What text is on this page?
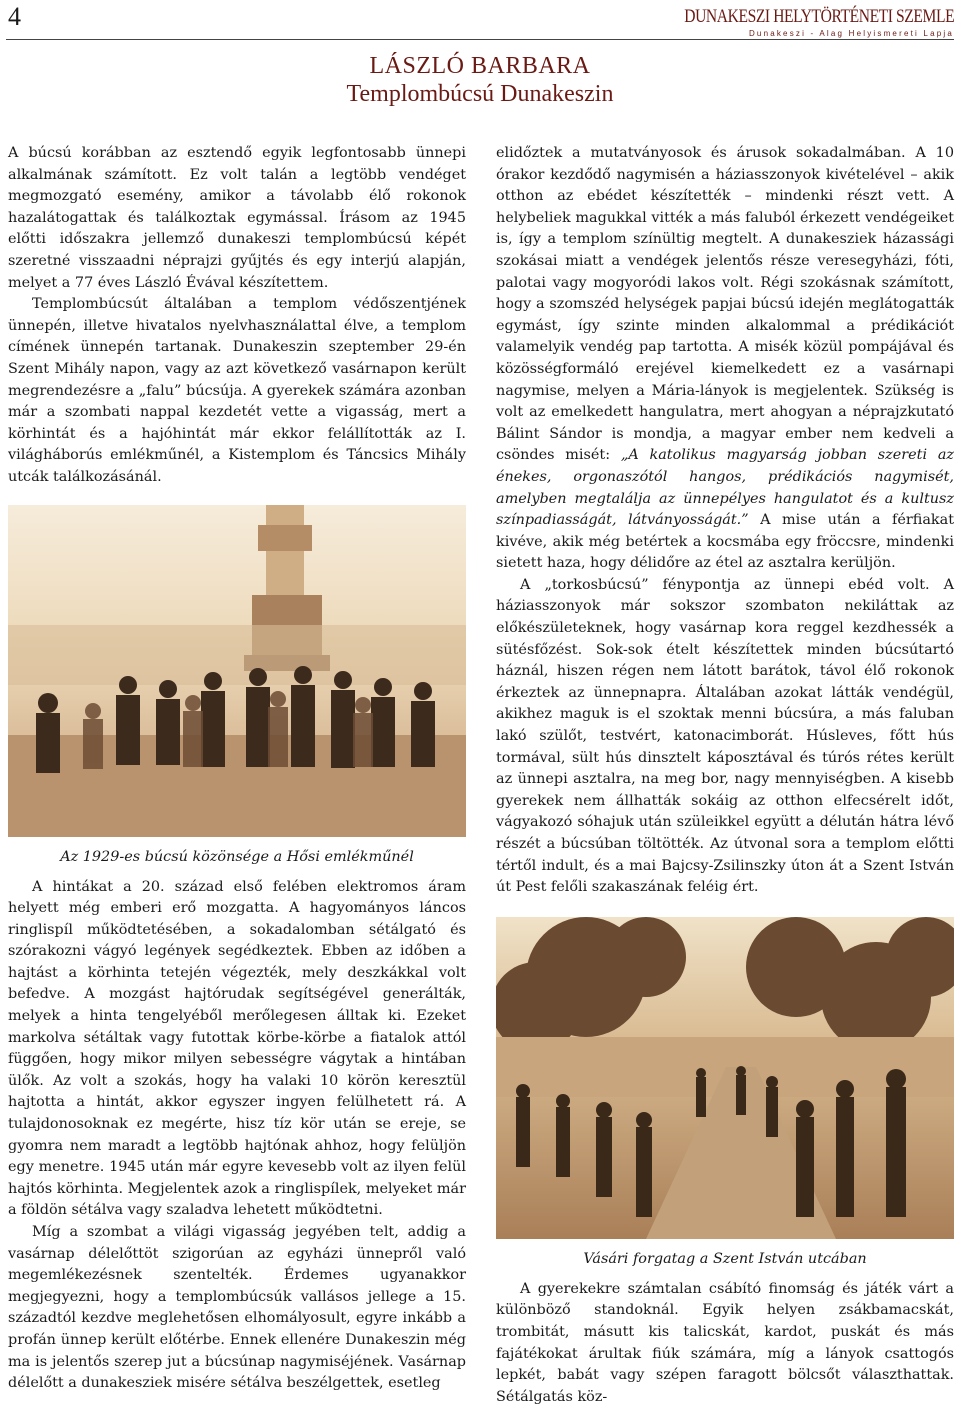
4	DUNAKESZI HELYTÖRTÉNETI SZEMLE
Dunakeszi - Alag Helyismereti Lapja
LÁSZLÓ BARBARA
Templombúcsú Dunakeszin

A búcsú korábban az esztendő egyik legfontosabb ünnepi alkalmának számított. Ez volt talán a legtöbb vendéget megmozgató esemény, amikor a távolabb élő rokonok hazalátogattak és találkoztak egymással. Írásom az 1945 előtti időszakra jellemző dunakeszi templombúcsú képét szeretné visszaadni néprajzi gyűjtés és egy interjú alapján, melyet a 77 éves László Évával készítettem.

Templombúcsút általában a templom védőszentjének ünnepén, illetve hivatalos nyelvhasználattal élve, a templom címének ünnepén tartanak. Dunakeszin szeptember 29-én Szent Mihály napon, vagy az azt következő vasárnapon került megrendezésre a „falu” búcsúja. A gyerekek számára azonban már a szombati nappal kezdetét vette a vigasság, mert a körhintát és a hajóhintát már ekkor felállították az I. világháborús emlékműnél, a Kistemplom és Táncsics Mihály utcák találkozásánál.

Az 1929-es búcsú közönsége a Hősi emlékműnél

A hintákat a 20. század első felében elektromos áram helyett még emberi erő mozgatta. A hagyományos láncos ringlispíl működtetésében, a sokadalomban sétálgató és szórakozni vágyó legények segédkeztek. Ebben az időben a hajtást a körhinta tetején végezték, mely deszkákkal volt befedve. A mozgást hajtórudak segítségével generálták, melyek a hinta tengelyéből merőlegesen álltak ki. Ezeket markolva sétáltak vagy futottak körbe-körbe a fiatalok attól függően, hogy mikor milyen sebességre vágytak a hintában ülők. Az volt a szokás, hogy ha valaki 10 körön keresztül hajtotta a hintát, akkor egyszer ingyen felülhetett rá. A tulajdonosoknak ez megérte, hisz tíz kör után se ereje, se gyomra nem maradt a legtöbb hajtónak ahhoz, hogy felüljön egy menetre. 1945 után már egyre kevesebb volt az ilyen felül hajtós körhinta. Megjelentek azok a ringlispílek, melyeket már a földön sétálva vagy szaladva lehetett működtetni.

Míg a szombat a világi vigasság jegyében telt, addig a vasárnap délelőttöt szigorúan az egyházi ünnepről való megemlékezésnek szentelték. Érdemes ugyanakkor megjegyezni, hogy a templombúcsúk vallásos jellege a 15. századtól kezdve meglehetősen elhomályosult, egyre inkább a profán ünnep került előtérbe. Ennek ellenére Dunakeszin még ma is jelentős szerep jut a búcsúnap nagymiséjének. Vasárnap délelőtt a dunakesziek misére sétálva beszélgettek, esetleg

elidőztek a mutatványosok és árusok sokadalmában. A 10 órakor kezdődő nagymisén a háziasszonyok kivételével – akik otthon az ebédet készítették – mindenki részt vett. A helybeliek magukkal vitték a más faluból érkezett vendégeiket is, így a templom színültig megtelt. A dunakesziek házassági szokásai miatt a vendégek jelentős része veresegyházi, fóti, palotai vagy mogyoródi lakos volt. Régi szokásnak számított, hogy a szomszéd helységek papjai búcsú idején meglátogatták egymást, így szinte minden alkalommal a prédikációt valamelyik vendég pap tartotta. A misék közül pompájával és közösségformáló erejével kiemelkedett ez a vasárnapi nagymise, melyen a Mária-lányok is megjelentek. Szükség is volt az emelkedett hangulatra, mert ahogyan a néprajzkutató Bálint Sándor is mondja, a magyar ember nem kedveli a csöndes misét: „A katolikus magyarság jobban szereti az énekes, orgonaszótól hangos, prédikációs nagymisét, amelyben megtalálja az ünnepélyes hangulatot és a kultusz színpadiasságát, látványosságát.” A mise után a férfiakat kivéve, akik még betértek a kocsmába egy fröccsre, mindenki sietett haza, hogy délidőre az étel az asztalra kerüljön.

A „torkosbúcsú” fénypontja az ünnepi ebéd volt. A háziasszonyok már sokszor szombaton nekiláttak az előkészületeknek, hogy vasárnap kora reggel kezdhessék a sütésfőzést. Sok-sok ételt készítettek minden búcsútartó háznál, hiszen régen nem látott barátok, távol élő rokonok érkeztek az ünnepnapra. Általában azokat látták vendégül, akikhez maguk is el szoktak menni búcsúra, a más faluban lakó szülőt, testvért, katonacimborát. Húsleves, főtt hús tormával, sült hús dinsztelt káposztával és túrós rétes került az ünnepi asztalra, na meg bor, nagy mennyiségben. A kisebb gyerekek nem állhatták sokáig az otthon elfecsérelt időt, vágyakozó sóhajuk után szüleikkel együtt a délután hátra lévő részét a búcsúban töltötték. Az útvonal sora a templom előtti tértől indult, és a mai Bajcsy-Zsilinszky úton át a Szent István út Pest felőli szakaszának feléig ért.

Vásári forgatag a Szent István utcában

A gyerekekre számtalan csábító finomság és játék várt a különböző standoknál. Egyik helyen zsákbamacskát, trombitát, másutt kis talicskát, kardot, puskát és más fajátékokat árultak fiúk számára, míg a lányok csattogós lepkét, babát vagy szépen faragott bölcsőt választhattak. Sétálgatás köz-
